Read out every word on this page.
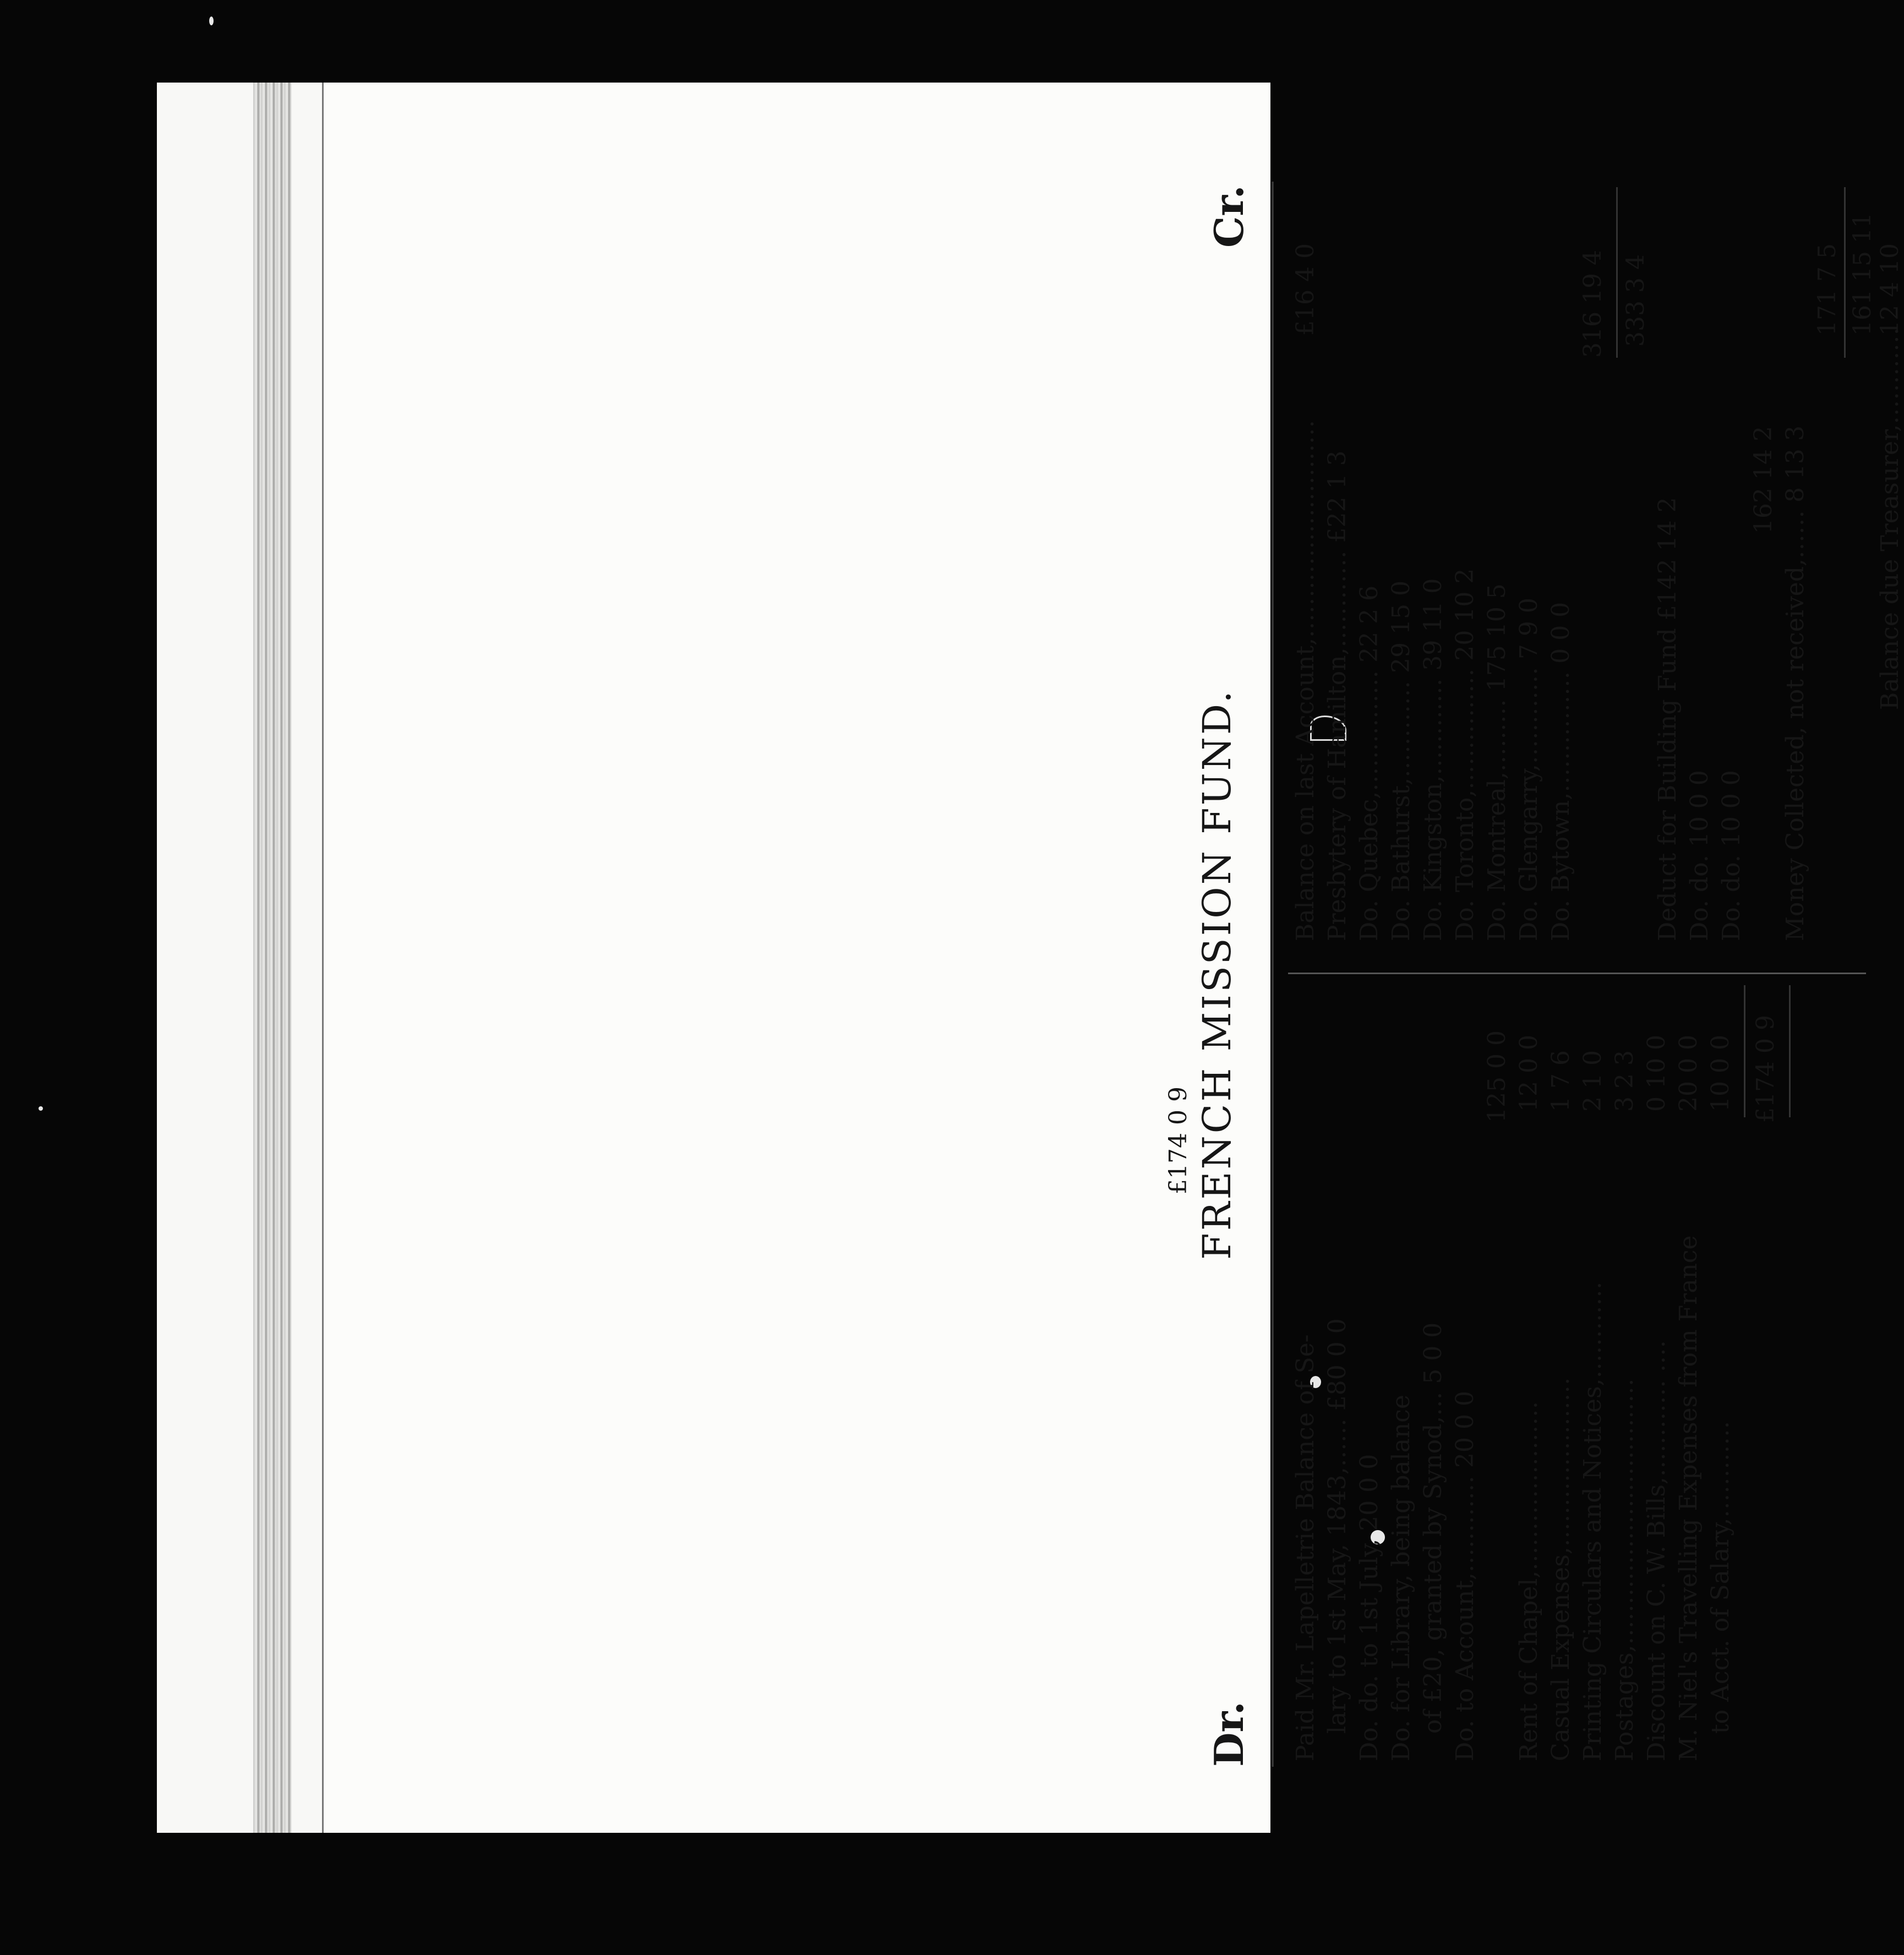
FRENCH MISSION FUND.
Dr.
Cr.
Paid Mr. Lapelletrie Balance of Se- lary to 1st May, 1843,…… £80 0 0 Do. do. to 1st July, 20 0 0 Do. for Library, being balance of £20, granted by Synod,… 5 0 0 Do. to Account,………… 20 0 0
125 0 0
Rent of Chapel,…………………
12 0 0
Casual Expenses,…………………
1 7 6
Printing Circulars and Notices,…………
2 1 0
Postages,……………………………
3 2 3
Discount on C. W. Bills,………… ….
0 10 0
M. Niel's Travelling Expenses from France
20 0 0
to Acct. of Salary,…………
10 0 0 £174 0 9
Balance on last Account,………………………
£16 4 0
Presbytery of Hamilton,………… £22 1 3 Do. Quebec,…………… 22 2 6 Do. Bathurst,………… 29 15 0 Do. Kingston,………… 39 11 0 Do. Toronto,…………… 20 10 2 Do. Montreal,……… 175 10 5 Do. Glengarry,………… 7 9 0 Do. Bytown,…………… 0 0 0
316 19 4 333 3 4
Deduct for Building Fund £142 14 2 Do. do. 10 0 0 Do. do. 10 0 0
162 14 2 Money Collected, not received,…… 8 13 3
171 7 5 161 15 11
Balance due Treasurer,…………
12 4 10
£174 0 9
